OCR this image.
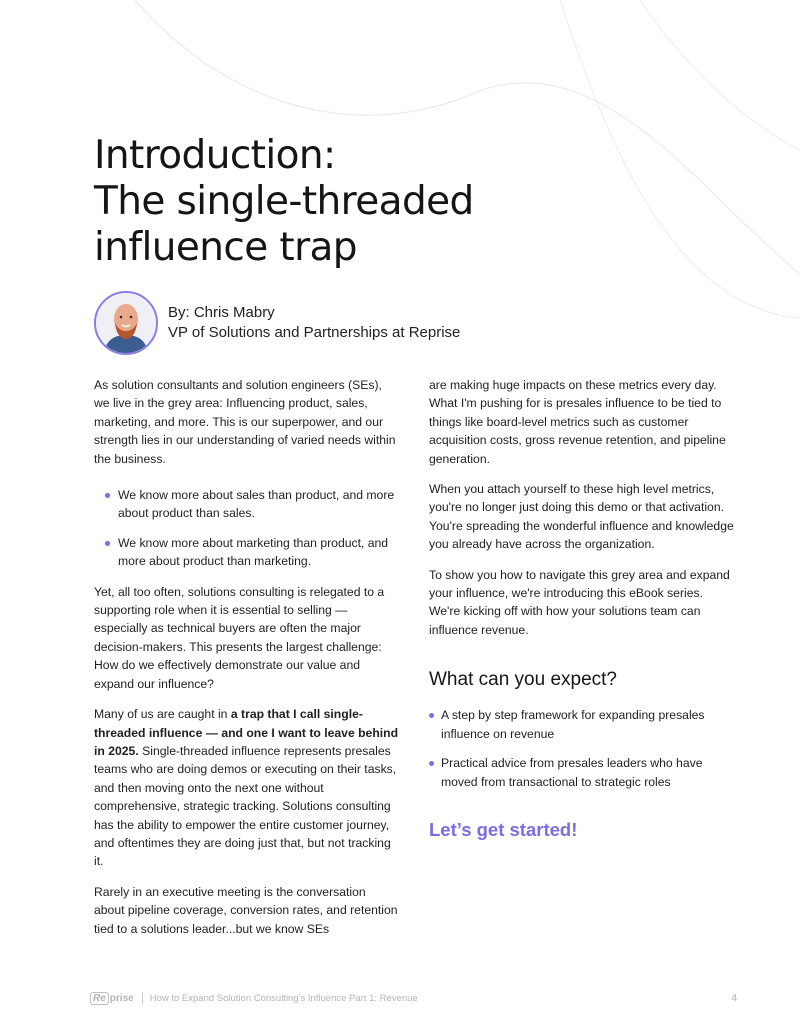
Introduction:
The single-threaded
influence trap
By: Chris Mabry
VP of Solutions and Partnerships at Reprise

As solution consultants and solution engineers (SEs), we live in the grey area: Influencing product, sales, marketing, and more. This is our superpower, and our strength lies in our understanding of varied needs within the business.

We know more about sales than product, and more about product than sales.
We know more about marketing than product, and more about product than marketing.

Yet, all too often, solutions consulting is relegated to a supporting role when it is essential to selling — especially as technical buyers are often the major decision-makers. This presents the largest challenge: How do we effectively demonstrate our value and expand our influence?

Many of us are caught in a trap that I call single-threaded influence — and one I want to leave behind in 2025. Single-threaded influence represents presales teams who are doing demos or executing on their tasks, and then moving onto the next one without comprehensive, strategic tracking. Solutions consulting has the ability to empower the entire customer journey, and oftentimes they are doing just that, but not tracking it.

Rarely in an executive meeting is the conversation about pipeline coverage, conversion rates, and retention tied to a solutions leader...but we know SEs

are making huge impacts on these metrics every day. What I'm pushing for is presales influence to be tied to things like board-level metrics such as customer acquisition costs, gross revenue retention, and pipeline generation.

When you attach yourself to these high level metrics, you're no longer just doing this demo or that activation. You're spreading the wonderful influence and knowledge you already have across the organization.

To show you how to navigate this grey area and expand your influence, we're introducing this eBook series. We're kicking off with how your solutions team can influence revenue.

What can you expect?
A step by step framework for expanding presales influence on revenue
Practical advice from presales leaders who have moved from transactional to strategic roles
Let’s get started!
Re prise How to Expand Solution Consulting's Influence Part 1: Revenue	4
